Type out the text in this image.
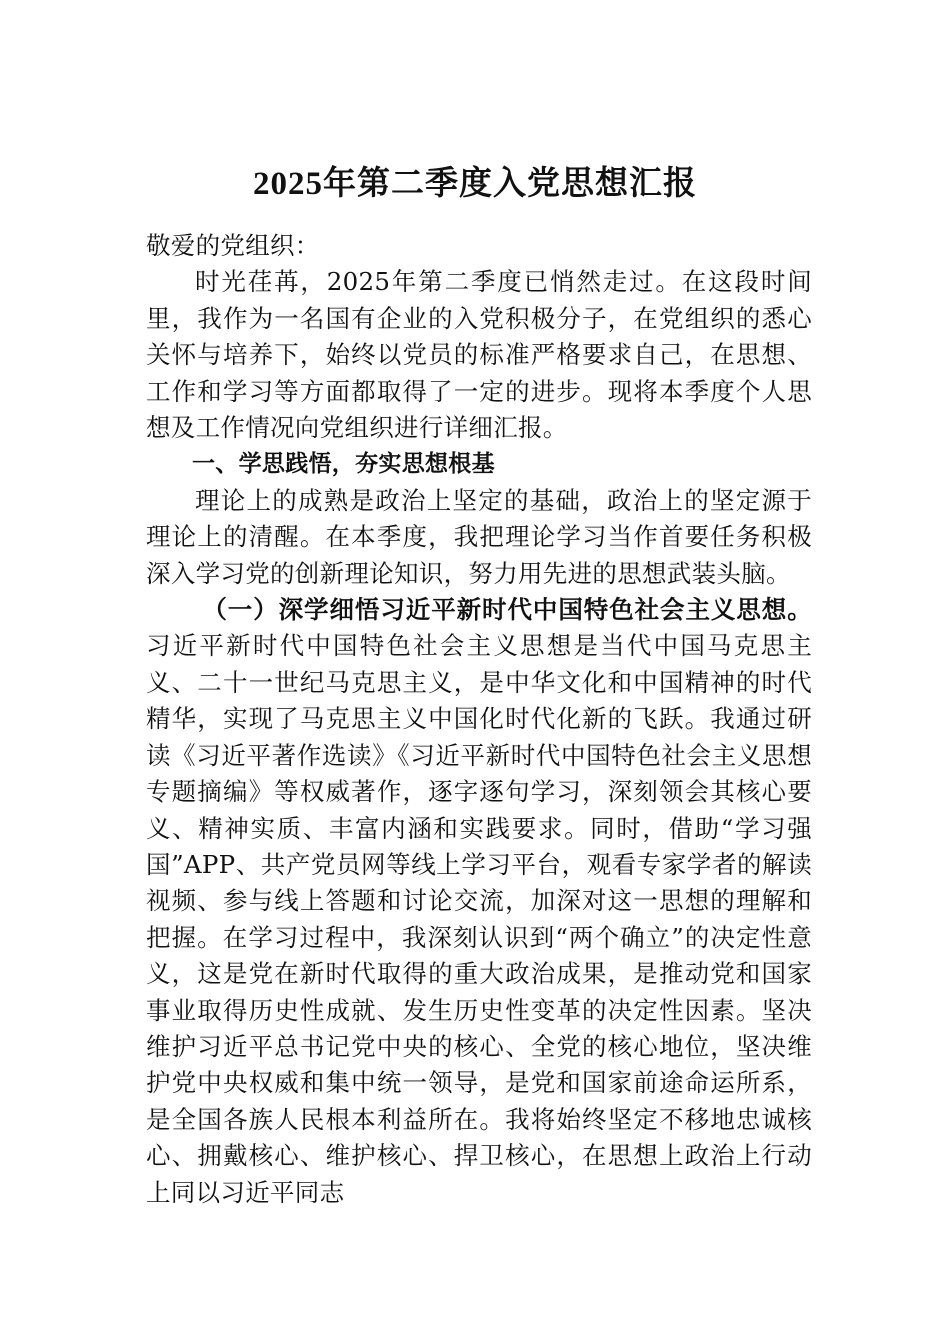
2025年第二季度入党思想汇报

敬爱的党组织：

时光荏苒，2025年第二季度已悄然走过。在这段时间里，我作为一名国有企业的入党积极分子，在党组织的悉心关怀与培养下，始终以党员的标准严格要求自己，在思想、工作和学习等方面都取得了一定的进步。现将本季度个人思想及工作情况向党组织进行详细汇报。

一、学思践悟，夯实思想根基

理论上的成熟是政治上坚定的基础，政治上的坚定源于理论上的清醒。在本季度，我把理论学习当作首要任务积极深入学习党的创新理论知识，努力用先进的思想武装头脑。

（一）深学细悟习近平新时代中国特色社会主义思想。习近平新时代中国特色社会主义思想是当代中国马克思主义、二十一世纪马克思主义，是中华文化和中国精神的时代精华，实现了马克思主义中国化时代化新的飞跃。我通过研读《习近平著作选读》《习近平新时代中国特色社会主义思想专题摘编》等权威著作，逐字逐句学习，深刻领会其核心要义、精神实质、丰富内涵和实践要求。同时，借助“学习强国”APP、共产党员网等线上学习平台，观看专家学者的解读视频、参与线上答题和讨论交流，加深对这一思想的理解和把握。在学习过程中，我深刻认识到“两个确立”的决定性意义，这是党在新时代取得的重大政治成果，是推动党和国家事业取得历史性成就、发生历史性变革的决定性因素。坚决维护习近平总书记党中央的核心、全党的核心地位，坚决维护党中央权威和集中统一领导，是党和国家前途命运所系，是全国各族人民根本利益所在。我将始终坚定不移地忠诚核心、拥戴核心、维护核心、捍卫核心，在思想上政治上行动上同以习近平同志
